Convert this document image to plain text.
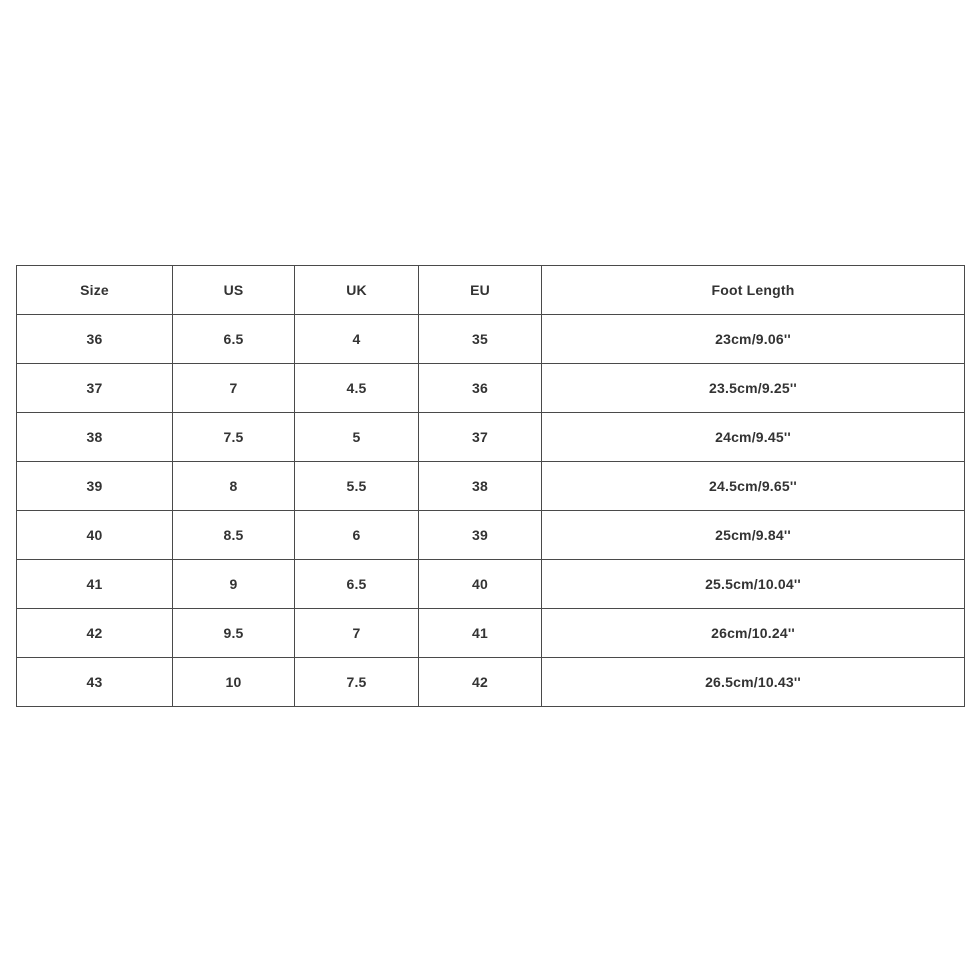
Size	US	UK	EU	Foot Length
36	6.5	4	35	23cm/9.06''
37	7	4.5	36	23.5cm/9.25''
38	7.5	5	37	24cm/9.45''
39	8	5.5	38	24.5cm/9.65''
40	8.5	6	39	25cm/9.84''
41	9	6.5	40	25.5cm/10.04''
42	9.5	7	41	26cm/10.24''
43	10	7.5	42	26.5cm/10.43''
